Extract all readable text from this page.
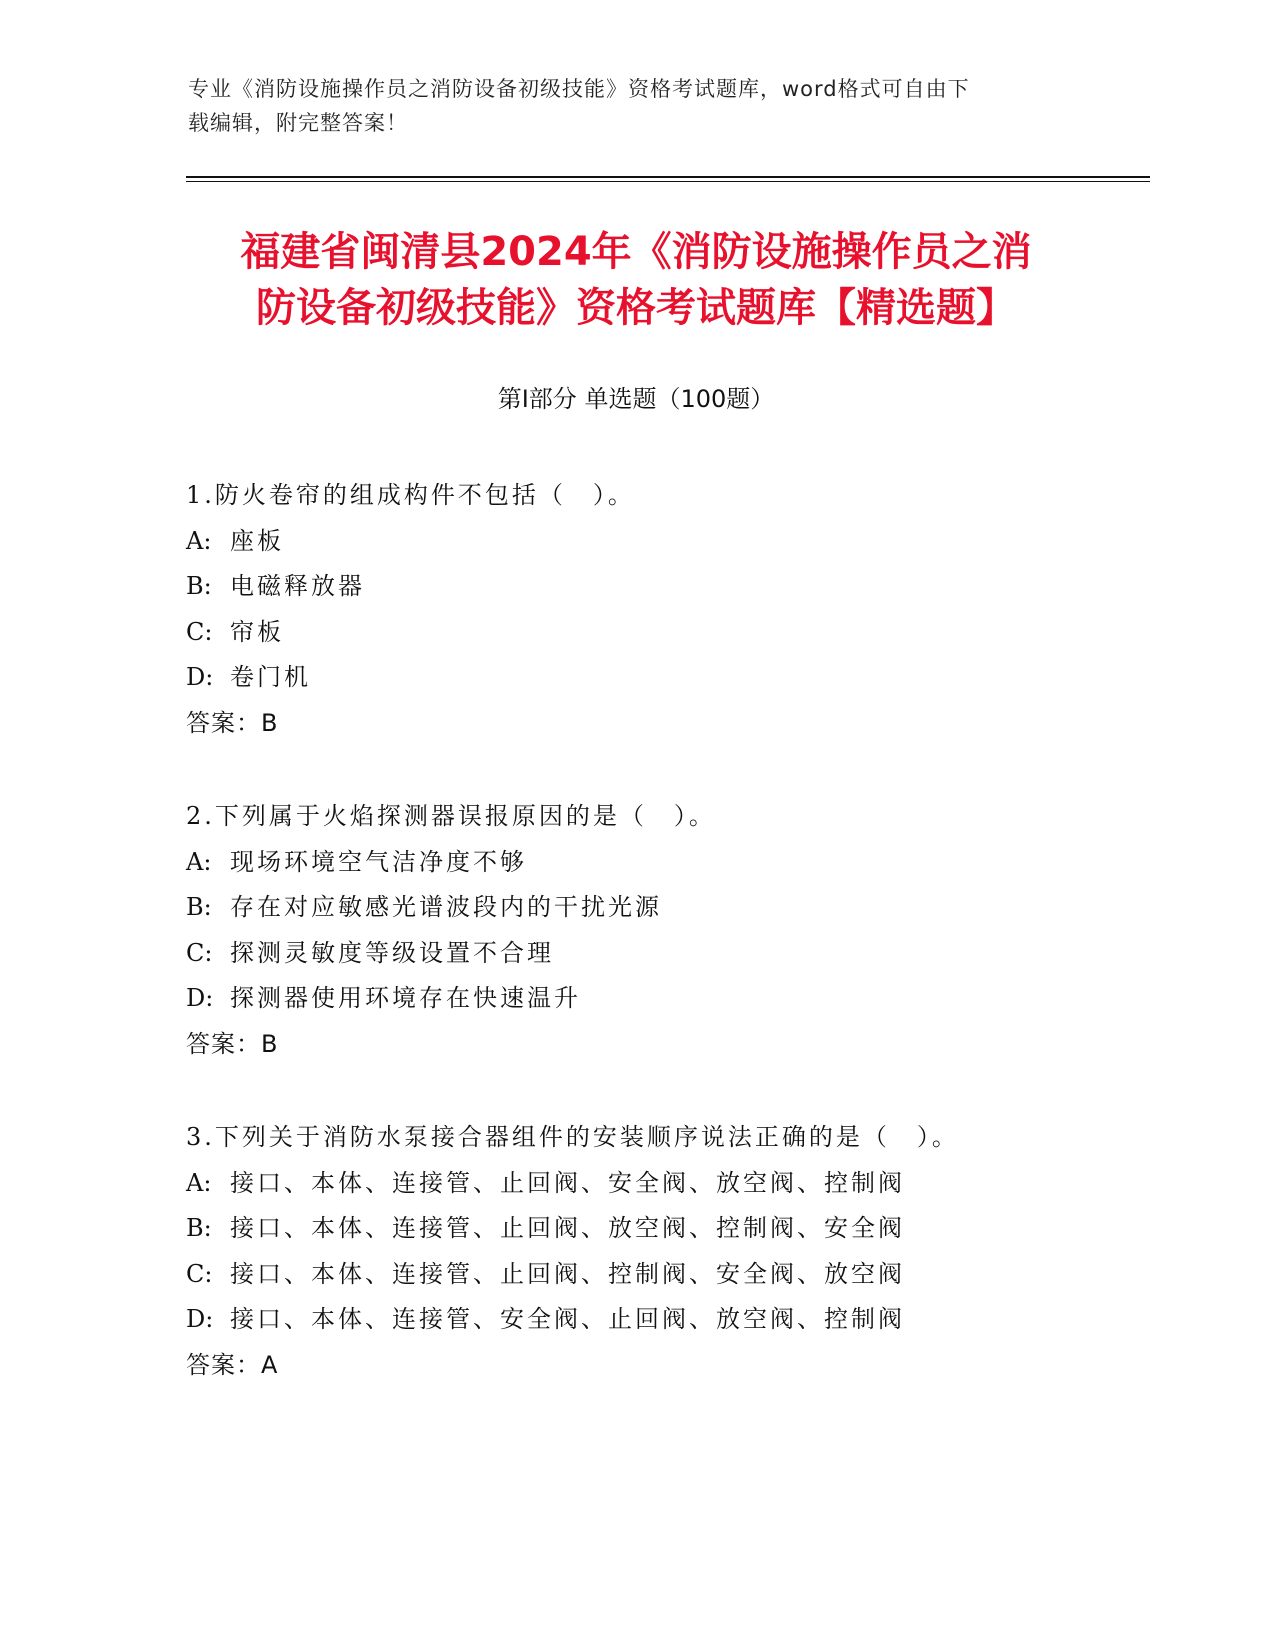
专业《消防设施操作员之消防设备初级技能》资格考试题库，word格式可自由下
载编辑，附完整答案！
福建省闽清县2024年《消防设施操作员之消
防设备初级技能》资格考试题库【精选题】
第Ⅰ部分 单选题（100题）
1.防火卷帘的组成构件不包括（　）。
A: 座板
B: 电磁释放器
C: 帘板
D: 卷门机
答案：B
2.下列属于火焰探测器误报原因的是（　）。
A: 现场环境空气洁净度不够
B: 存在对应敏感光谱波段内的干扰光源
C: 探测灵敏度等级设置不合理
D: 探测器使用环境存在快速温升
答案：B
3.下列关于消防水泵接合器组件的安装顺序说法正确的是（　）。
A: 接口、本体、连接管、止回阀、安全阀、放空阀、控制阀
B: 接口、本体、连接管、止回阀、放空阀、控制阀、安全阀
C: 接口、本体、连接管、止回阀、控制阀、安全阀、放空阀
D: 接口、本体、连接管、安全阀、止回阀、放空阀、控制阀
答案：A
